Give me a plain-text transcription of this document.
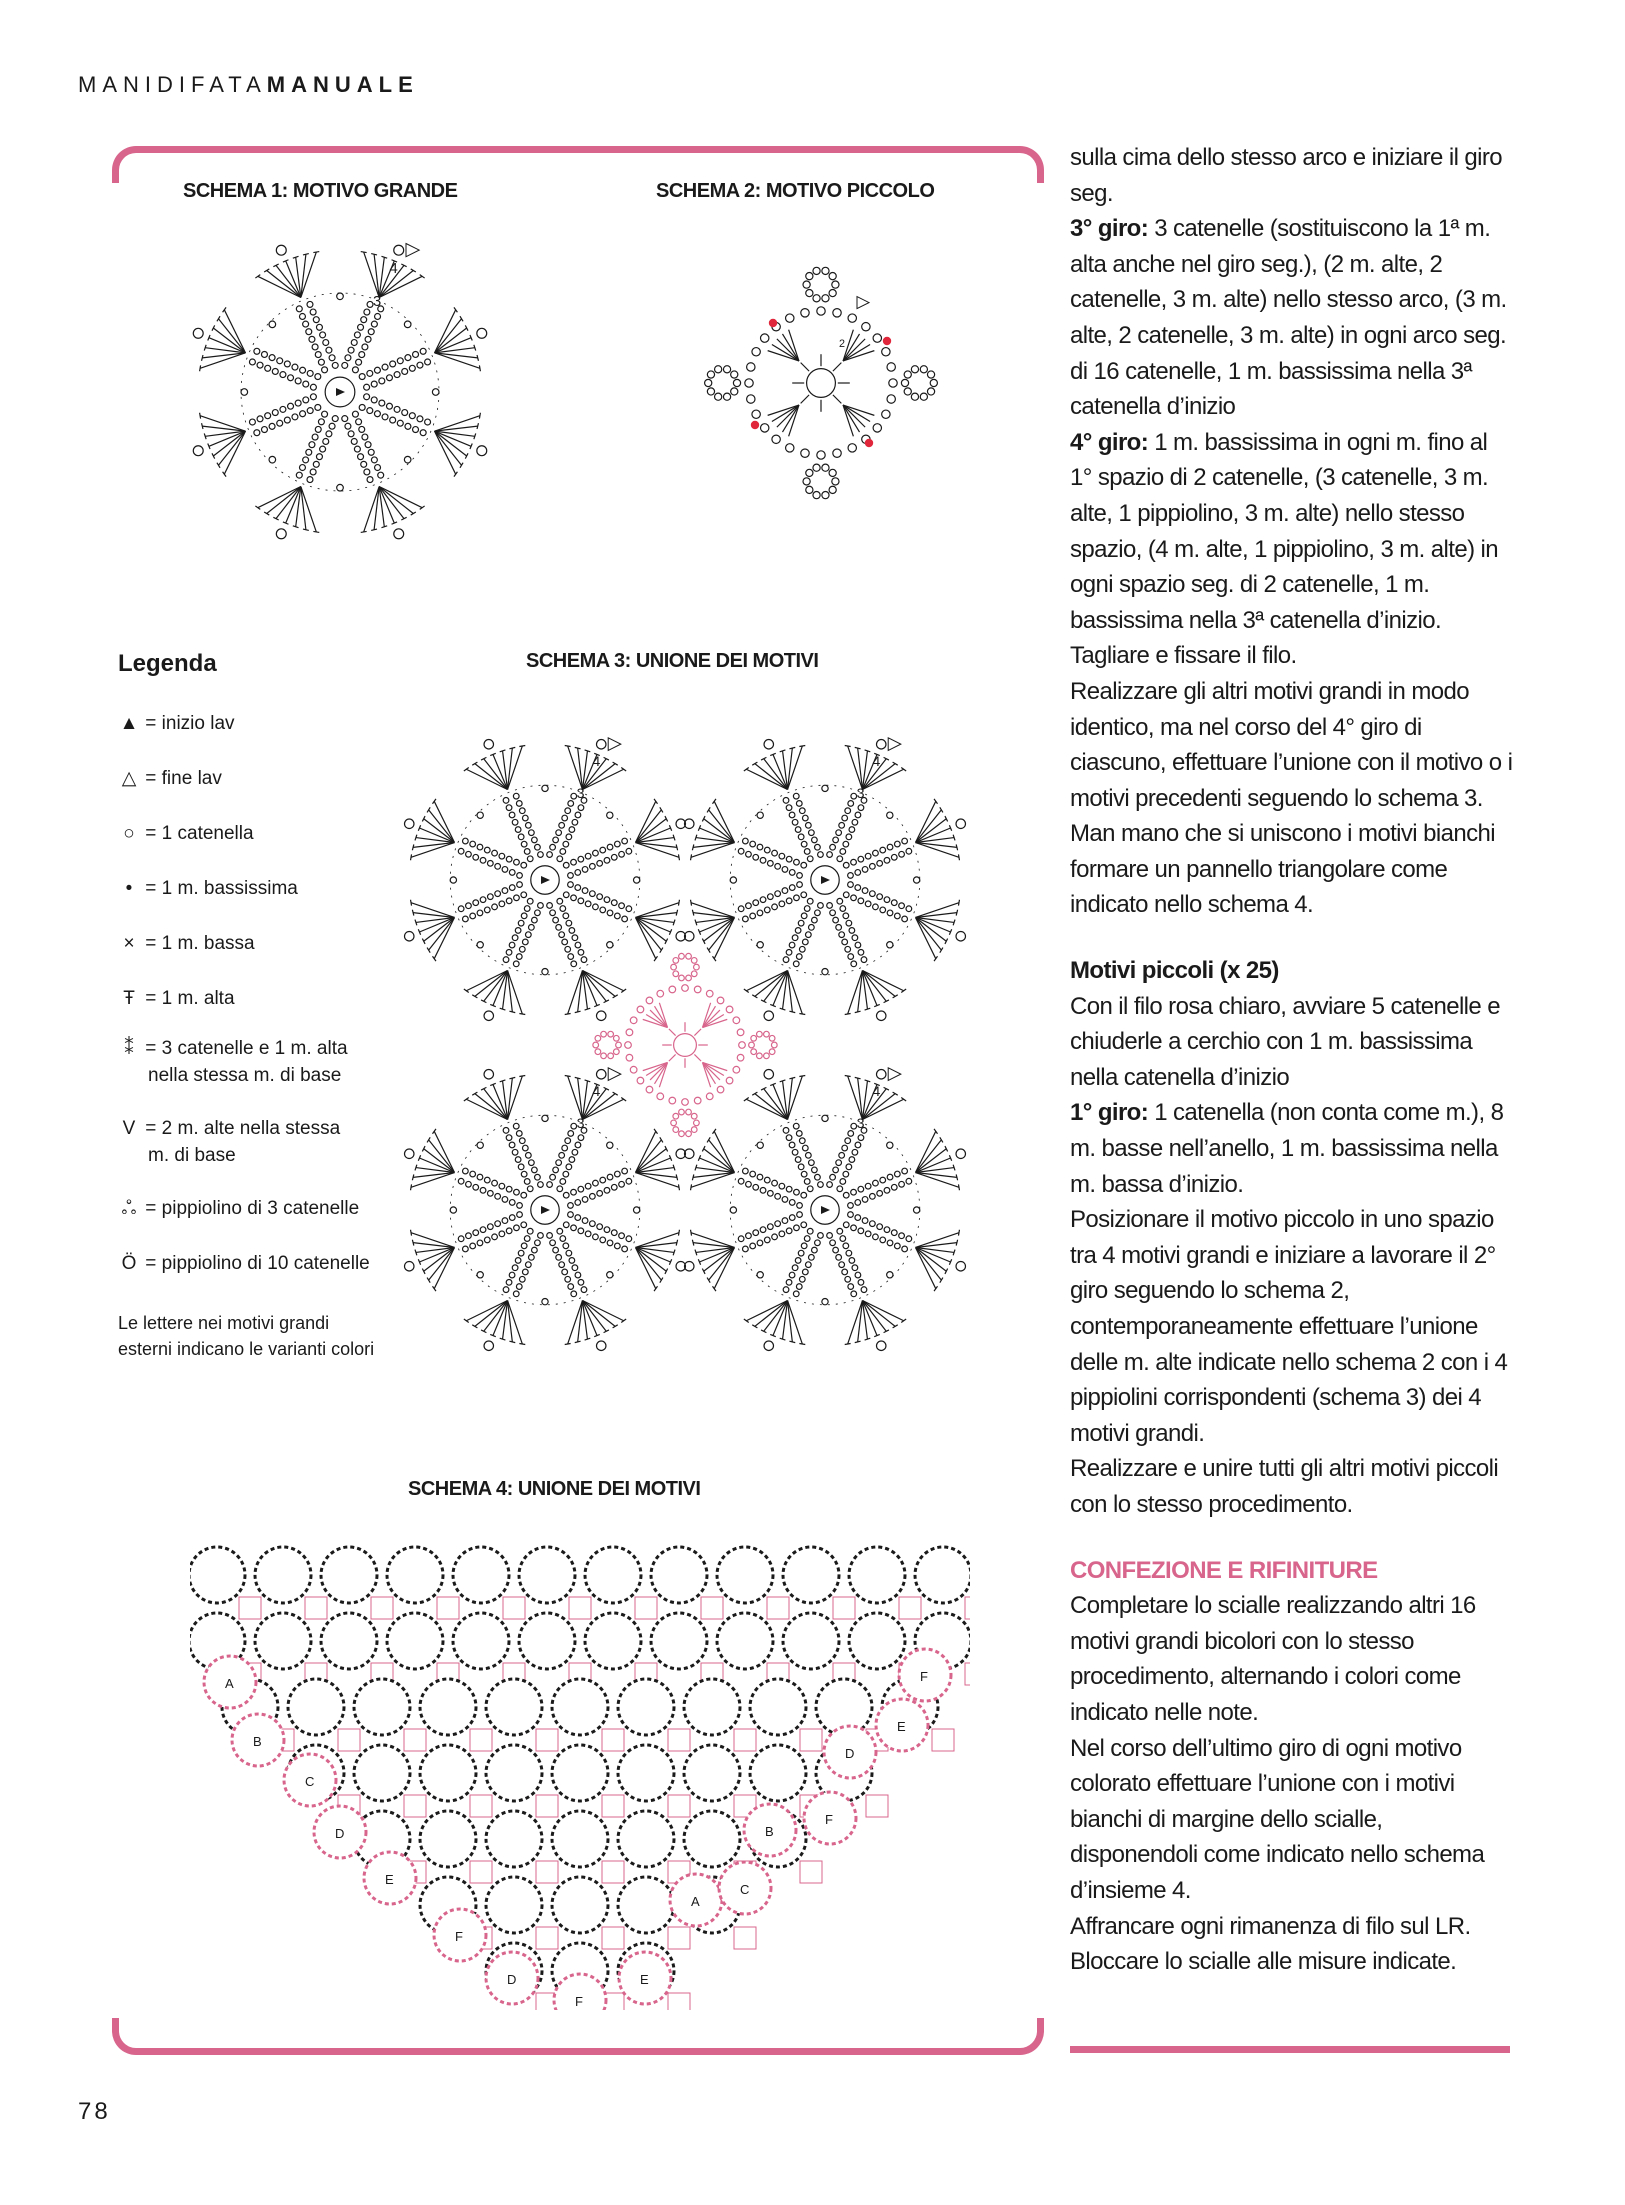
MANIDIFATAMANUALE
SCHEMA 1: MOTIVO GRANDE	SCHEMA 2: MOTIVO PICCOLO
SCHEMA 3: UNIONE DEI MOTIVI
SCHEMA 4: UNIONE DEI MOTIVI
3
4
2
3
4
3
4
3
4
3
4
A
B
C
D
E
F
D
F
E
A
C
B
F
D
E
F
Legenda
▲ = inizio lav
△ = fine lav
○ = 1 catenella
• = 1 m. bassissima
× = 1 m. bassa
Ŧ = 1 m. alta
⁑ = 3 catenelle e 1 m. alta
nella stessa m. di base
V = 2 m. alte nella stessa
m. di base
ஃ = pippiolino di 3 catenelle
Ö = pippiolino di 10 catenelle
Le lettere nei motivi grandi
esterni indicano le varianti colori
78

sulla cima dello stesso arco e iniziare il giro seg.

3° giro: 3 catenelle (sostituiscono la 1ª m. alta anche nel giro seg.), (2 m. alte, 2 catenelle, 3 m. alte) nello stesso arco, (3 m. alte, 2 catenelle, 3 m. alte) in ogni arco seg. di 16 catenelle, 1 m. bassissima nella 3ª catenella d’inizio

4° giro: 1 m. bassissima in ogni m. fino al 1° spazio di 2 catenelle, (3 catenelle, 3 m. alte, 1 pippiolino, 3 m. alte) nello stesso spazio, (4 m. alte, 1 pippiolino, 3 m. alte) in ogni spazio seg. di 2 catenelle, 1 m. bassissima nella 3ª catenella d’inizio.

Tagliare e fissare il filo.

Realizzare gli altri motivi grandi in modo identico, ma nel corso del 4° giro di ciascuno, effettuare l’unione con il motivo o i motivi precedenti seguendo lo schema 3. Man mano che si uniscono i motivi bianchi formare un pannello triangolare come indicato nello schema 4.

Motivi piccoli (x 25)

Con il filo rosa chiaro, avviare 5 catenelle e chiuderle a cerchio con 1 m. bassissima nella catenella d’inizio

1° giro: 1 catenella (non conta come m.), 8 m. basse nell’anello, 1 m. bassissima nella m. bassa d’inizio.

Posizionare il motivo piccolo in uno spazio tra 4 motivi grandi e iniziare a lavorare il 2° giro seguendo lo schema 2, contemporaneamente effettuare l’unione delle m. alte indicate nello schema 2 con i 4 pippiolini corrispondenti (schema 3) dei 4 motivi grandi.

Realizzare e unire tutti gli altri motivi piccoli con lo stesso procedimento.

CONFEZIONE E RIFINITURE

Completare lo scialle realizzando altri 16 motivi grandi bicolori con lo stesso procedimento, alternando i colori come indicato nelle note.

Nel corso dell’ultimo giro di ogni motivo colorato effettuare l’unione con i motivi bianchi di margine dello scialle, disponendoli come indicato nello schema d’insieme 4.

Affrancare ogni rimanenza di filo sul LR.

Bloccare lo scialle alle misure indicate.
